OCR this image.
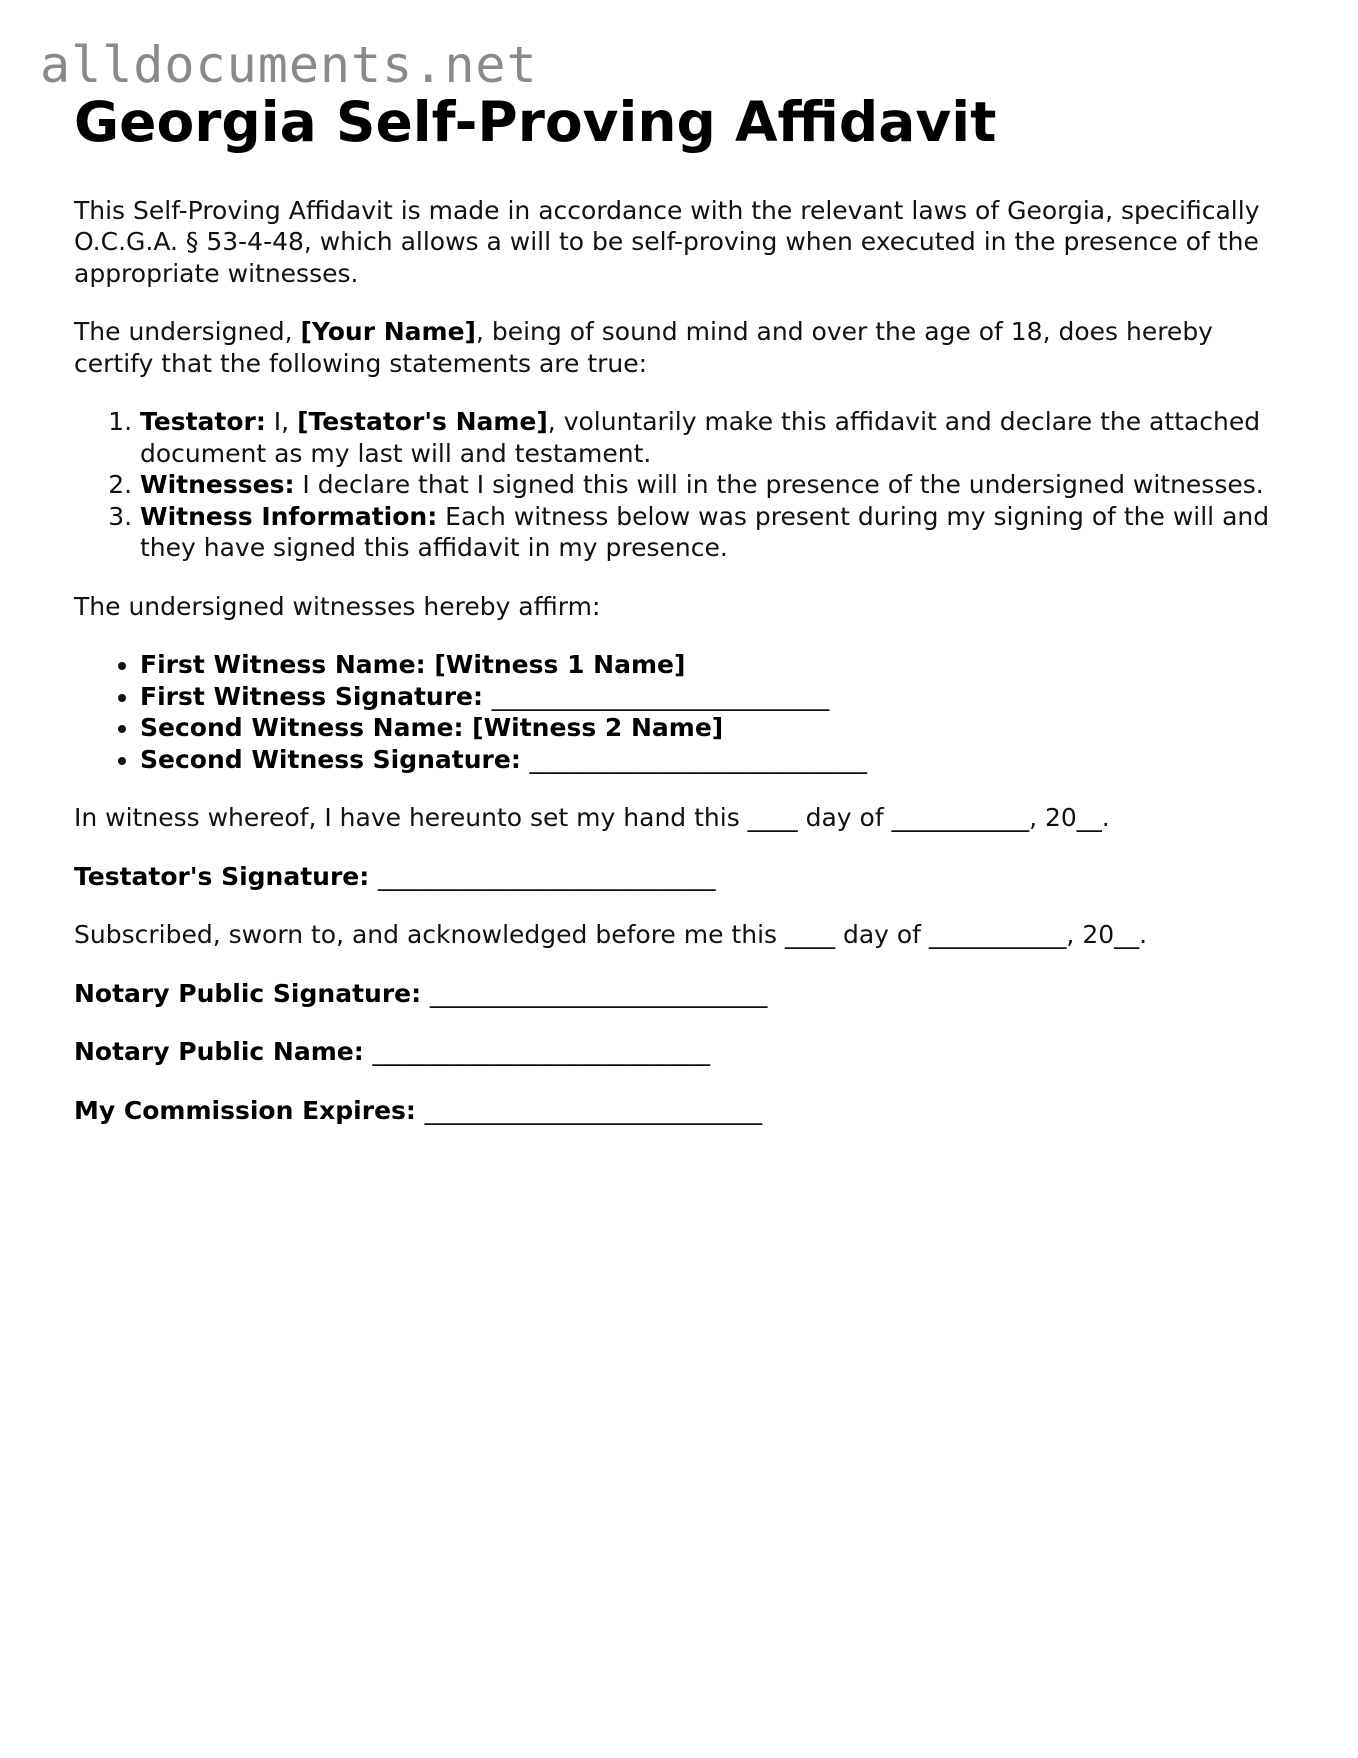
alldocuments.net
Georgia Self-Proving Affidavit

This Self-Proving Affidavit is made in accordance with the relevant laws of Georgia, specifically O.C.G.A. § 53-4-48, which allows a will to be self-proving when executed in the presence of the appropriate witnesses.

The undersigned, [Your Name], being of sound mind and over the age of 18, does hereby certify that the following statements are true:

1. Testator: I, [Testator's Name], voluntarily make this affidavit and declare the attached document as my last will and testament.
2. Witnesses: I declare that I signed this will in the presence of the undersigned witnesses.
3. Witness Information: Each witness below was present during my signing of the will and they have signed this affidavit in my presence.

The undersigned witnesses hereby affirm:

• First Witness Name: [Witness 1 Name]
• First Witness Signature: ___________________________
• Second Witness Name: [Witness 2 Name]
• Second Witness Signature: ___________________________

In witness whereof, I have hereunto set my hand this ____ day of ___________, 20__.

Testator's Signature: ___________________________

Subscribed, sworn to, and acknowledged before me this ____ day of ___________, 20__.

Notary Public Signature: ___________________________

Notary Public Name: ___________________________

My Commission Expires: ___________________________
